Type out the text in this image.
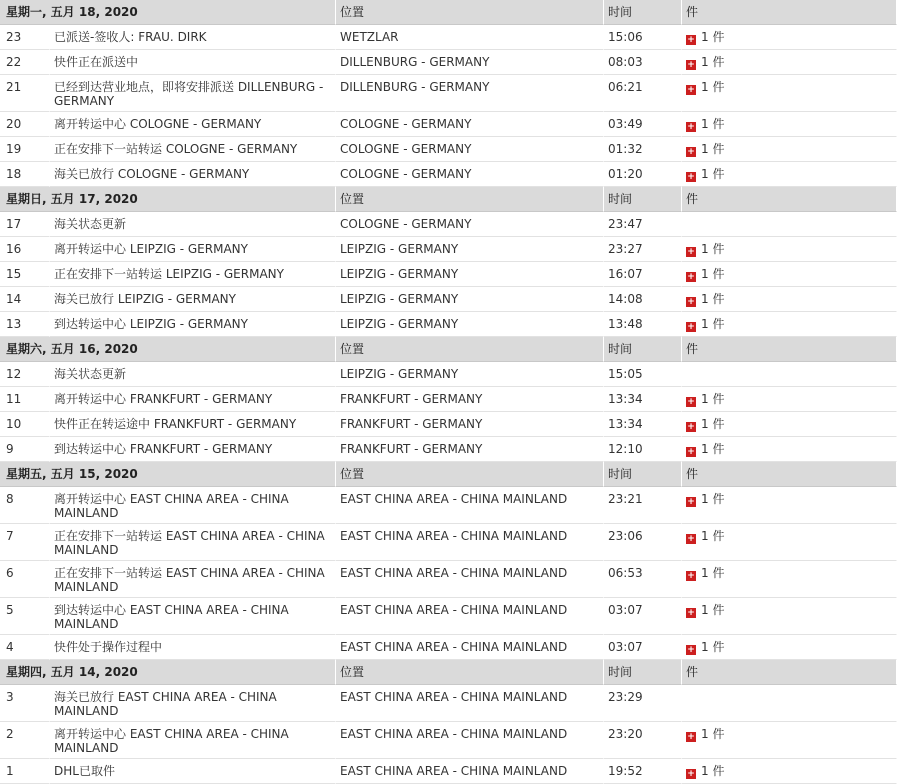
星期一, 五月 18, 2020		位置	时间	件
23	已派送-签收人: FRAU. DIRK	WETZLAR	15:06	+ 1 件
22	快件正在派送中	DILLENBURG - GERMANY	08:03	+ 1 件
21	已经到达营业地点，即将安排派送 DILLENBURG - GERMANY	DILLENBURG - GERMANY	06:21	+ 1 件
20	离开转运中心 COLOGNE - GERMANY	COLOGNE - GERMANY	03:49	+ 1 件
19	正在安排下一站转运 COLOGNE - GERMANY	COLOGNE - GERMANY	01:32	+ 1 件
18	海关已放行 COLOGNE - GERMANY	COLOGNE - GERMANY	01:20	+ 1 件
星期日, 五月 17, 2020		位置	时间	件
17	海关状态更新	COLOGNE - GERMANY	23:47	
16	离开转运中心 LEIPZIG - GERMANY	LEIPZIG - GERMANY	23:27	+ 1 件
15	正在安排下一站转运 LEIPZIG - GERMANY	LEIPZIG - GERMANY	16:07	+ 1 件
14	海关已放行 LEIPZIG - GERMANY	LEIPZIG - GERMANY	14:08	+ 1 件
13	到达转运中心 LEIPZIG - GERMANY	LEIPZIG - GERMANY	13:48	+ 1 件
星期六, 五月 16, 2020		位置	时间	件
12	海关状态更新	LEIPZIG - GERMANY	15:05	
11	离开转运中心 FRANKFURT - GERMANY	FRANKFURT - GERMANY	13:34	+ 1 件
10	快件正在转运途中 FRANKFURT - GERMANY	FRANKFURT - GERMANY	13:34	+ 1 件
9	到达转运中心 FRANKFURT - GERMANY	FRANKFURT - GERMANY	12:10	+ 1 件
星期五, 五月 15, 2020		位置	时间	件
8	离开转运中心 EAST CHINA AREA - CHINA MAINLAND	EAST CHINA AREA - CHINA MAINLAND	23:21	+ 1 件
7	正在安排下一站转运 EAST CHINA AREA - CHINA MAINLAND	EAST CHINA AREA - CHINA MAINLAND	23:06	+ 1 件
6	正在安排下一站转运 EAST CHINA AREA - CHINA MAINLAND	EAST CHINA AREA - CHINA MAINLAND	06:53	+ 1 件
5	到达转运中心 EAST CHINA AREA - CHINA MAINLAND	EAST CHINA AREA - CHINA MAINLAND	03:07	+ 1 件
4	快件处于操作过程中	EAST CHINA AREA - CHINA MAINLAND	03:07	+ 1 件
星期四, 五月 14, 2020		位置	时间	件
3	海关已放行 EAST CHINA AREA - CHINA MAINLAND	EAST CHINA AREA - CHINA MAINLAND	23:29	
2	离开转运中心 EAST CHINA AREA - CHINA MAINLAND	EAST CHINA AREA - CHINA MAINLAND	23:20	+ 1 件
1	DHL已取件	EAST CHINA AREA - CHINA MAINLAND	19:52	+ 1 件
